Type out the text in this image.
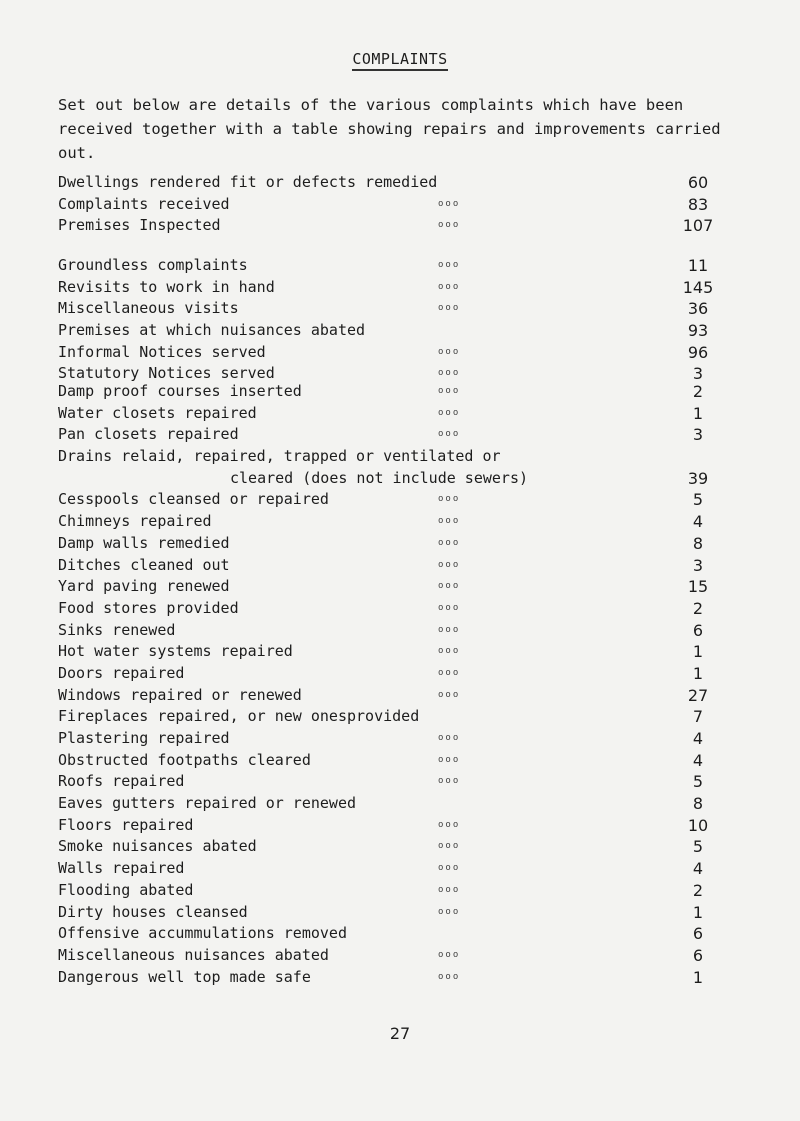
COMPLAINTS

Set out below are details of the various complaints which have been received together with a table showing repairs and improvements carried out.

Dwellings rendered fit or defects remedied	60
Complaints received	ooo	83
Premises Inspected	ooo	107
Groundless complaints	ooo	11
Revisits to work in hand	ooo	145
Miscellaneous visits	ooo	36
Premises at which nuisances abated	93
Informal Notices served	ooo	96
Statutory Notices served	ooo	3
Damp proof courses inserted	ooo	2
Water closets repaired	ooo	1
Pan closets repaired	ooo	3
Drains relaid, repaired, trapped or ventilated or
cleared (does not include sewers)	39
Cesspools cleansed or repaired	ooo	5
Chimneys repaired	ooo	4
Damp walls remedied	ooo	8
Ditches cleaned out	ooo	3
Yard paving renewed	ooo	15
Food stores provided	ooo	2
Sinks renewed	ooo	6
Hot water systems repaired	ooo	1
Doors repaired	ooo	1
Windows repaired or renewed	ooo	27
Fireplaces repaired, or new onesprovided	7
Plastering repaired	ooo	4
Obstructed footpaths cleared	ooo	4
Roofs repaired	ooo	5
Eaves gutters repaired or renewed	8
Floors repaired	ooo	10
Smoke nuisances abated	ooo	5
Walls repaired	ooo	4
Flooding abated	ooo	2
Dirty houses cleansed	ooo	1
Offensive accummulations removed	6
Miscellaneous nuisances abated	ooo	6
Dangerous well top made safe	ooo	1
27
